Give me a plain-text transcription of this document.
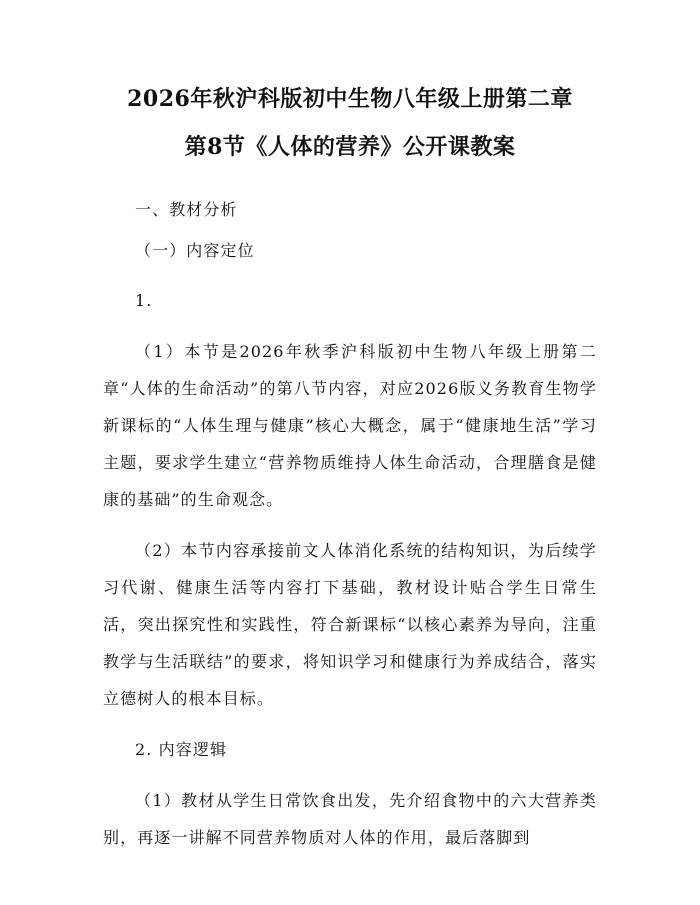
2026年秋沪科版初中生物八年级上册第二章
第8节《人体的营养》公开课教案

一、教材分析

（一）内容定位

1.

（1）本节是2026年秋季沪科版初中生物八年级上册第二章“人体的生命活动”的第八节内容，对应2026版义务教育生物学新课标的“人体生理与健康”核心大概念，属于“健康地生活”学习主题，要求学生建立“营养物质维持人体生命活动，合理膳食是健康的基础”的生命观念。

（2）本节内容承接前文人体消化系统的结构知识，为后续学习代谢、健康生活等内容打下基础，教材设计贴合学生日常生活，突出探究性和实践性，符合新课标“以核心素养为导向，注重教学与生活联结”的要求，将知识学习和健康行为养成结合，落实立德树人的根本目标。

2. 内容逻辑

（1）教材从学生日常饮食出发，先介绍食物中的六大营养类别，再逐一讲解不同营养物质对人体的作用，最后落脚到
